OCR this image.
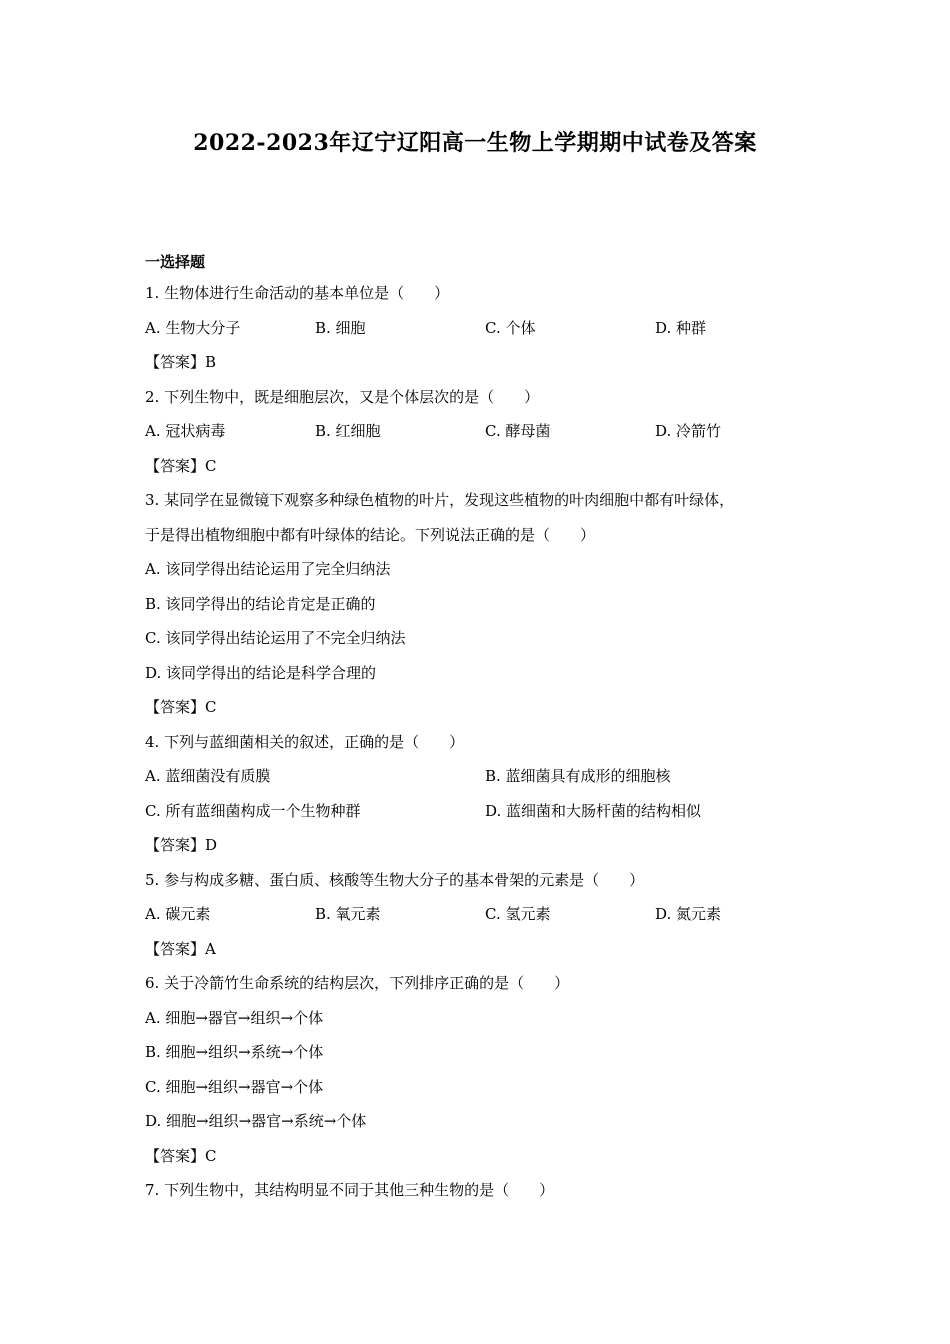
2022-2023年辽宁辽阳高一生物上学期期中试卷及答案
一选择题
1. 生物体进行生命活动的基本单位是（　　）
A. 生物大分子	B. 细胞	C. 个体	D. 种群
【答案】B
2. 下列生物中，既是细胞层次，又是个体层次的是（　　）
A. 冠状病毒	B. 红细胞	C. 酵母菌	D. 冷箭竹
【答案】C
3. 某同学在显微镜下观察多种绿色植物的叶片，发现这些植物的叶肉细胞中都有叶绿体，
于是得出植物细胞中都有叶绿体的结论。下列说法正确的是（　　）
A. 该同学得出结论运用了完全归纳法
B. 该同学得出的结论肯定是正确的
C. 该同学得出结论运用了不完全归纳法
D. 该同学得出的结论是科学合理的
【答案】C
4. 下列与蓝细菌相关的叙述，正确的是（　　）
A. 蓝细菌没有质膜	B. 蓝细菌具有成形的细胞核
C. 所有蓝细菌构成一个生物种群	D. 蓝细菌和大肠杆菌的结构相似
【答案】D
5. 参与构成多糖、蛋白质、核酸等生物大分子的基本骨架的元素是（　　）
A. 碳元素	B. 氧元素	C. 氢元素	D. 氮元素
【答案】A
6. 关于冷箭竹生命系统的结构层次，下列排序正确的是（　　）
A. 细胞→器官→组织→个体
B. 细胞→组织→系统→个体
C. 细胞→组织→器官→个体
D. 细胞→组织→器官→系统→个体
【答案】C
7. 下列生物中，其结构明显不同于其他三种生物的是（　　）
